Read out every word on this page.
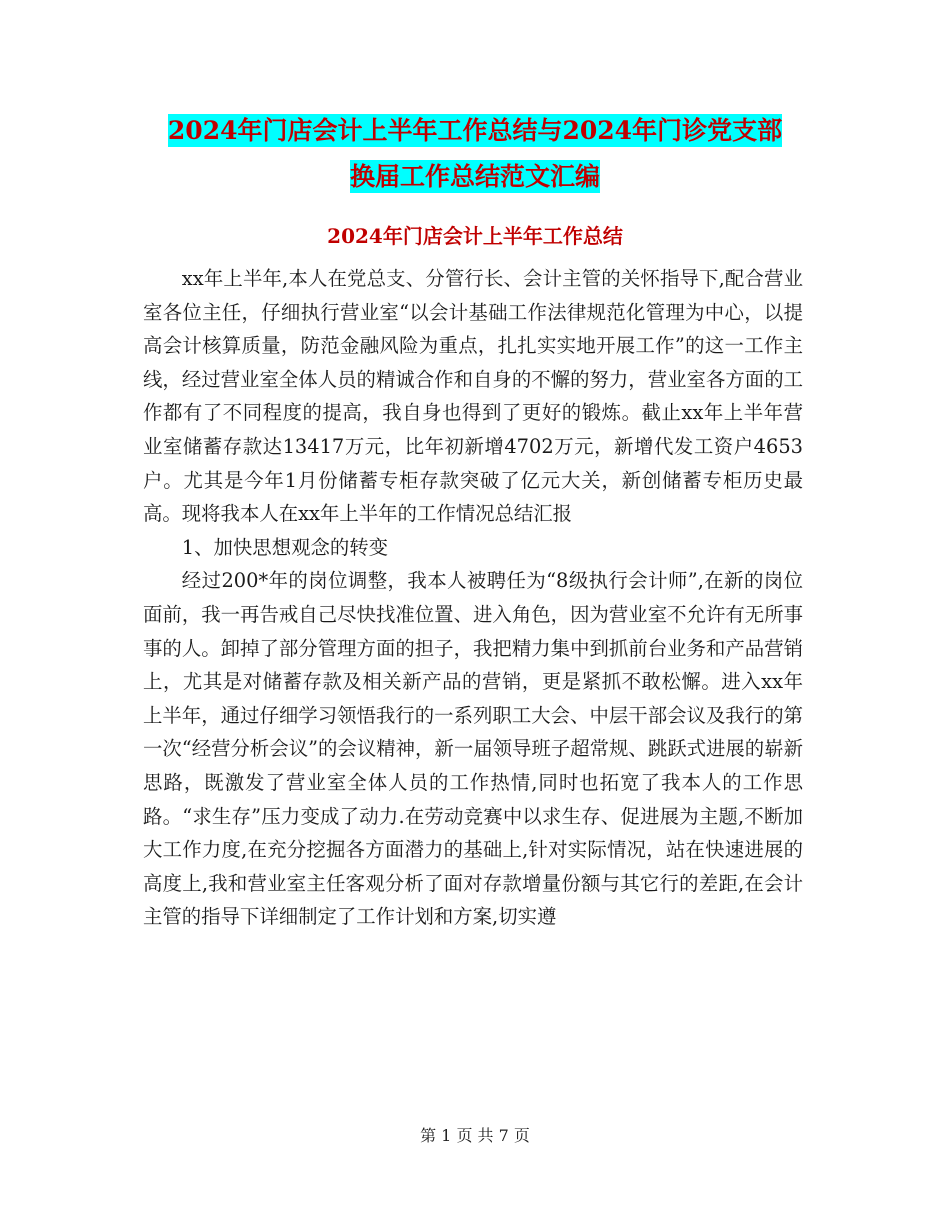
2024年门店会计上半年工作总结与2024年门诊党支部
换届工作总结范文汇编
2024年门店会计上半年工作总结

xx年上半年,本人在党总支、分管行长、会计主管的关怀指导下,配合营业室各位主任，仔细执行营业室“以会计基础工作法律规范化管理为中心，以提高会计核算质量，防范金融风险为重点，扎扎实实地开展工作”的这一工作主线，经过营业室全体人员的精诚合作和自身的不懈的努力，营业室各方面的工作都有了不同程度的提高，我自身也得到了更好的锻炼。截止xx年上半年营业室储蓄存款达13417万元，比年初新增4702万元，新增代发工资户4653户。尤其是今年1月份储蓄专柜存款突破了亿元大关，新创储蓄专柜历史最高。现将我本人在xx年上半年的工作情况总结汇报

1、加快思想观念的转变

经过200*年的岗位调整，我本人被聘任为“8级执行会计师”,在新的岗位面前，我一再告戒自己尽快找准位置、进入角色，因为营业室不允许有无所事事的人。卸掉了部分管理方面的担子，我把精力集中到抓前台业务和产品营销上，尤其是对储蓄存款及相关新产品的营销，更是紧抓不敢松懈。进入xx年上半年，通过仔细学习领悟我行的一系列职工大会、中层干部会议及我行的第一次“经营分析会议”的会议精神，新一届领导班子超常规、跳跃式进展的崭新思路，既激发了营业室全体人员的工作热情,同时也拓宽了我本人的工作思路。“求生存”压力变成了动力.在劳动竞赛中以求生存、促进展为主题,不断加大工作力度,在充分挖掘各方面潜力的基础上,针对实际情况，站在快速进展的高度上,我和营业室主任客观分析了面对存款增量份额与其它行的差距,在会计主管的指导下详细制定了工作计划和方案,切实遵

第 1 页 共 7 页
